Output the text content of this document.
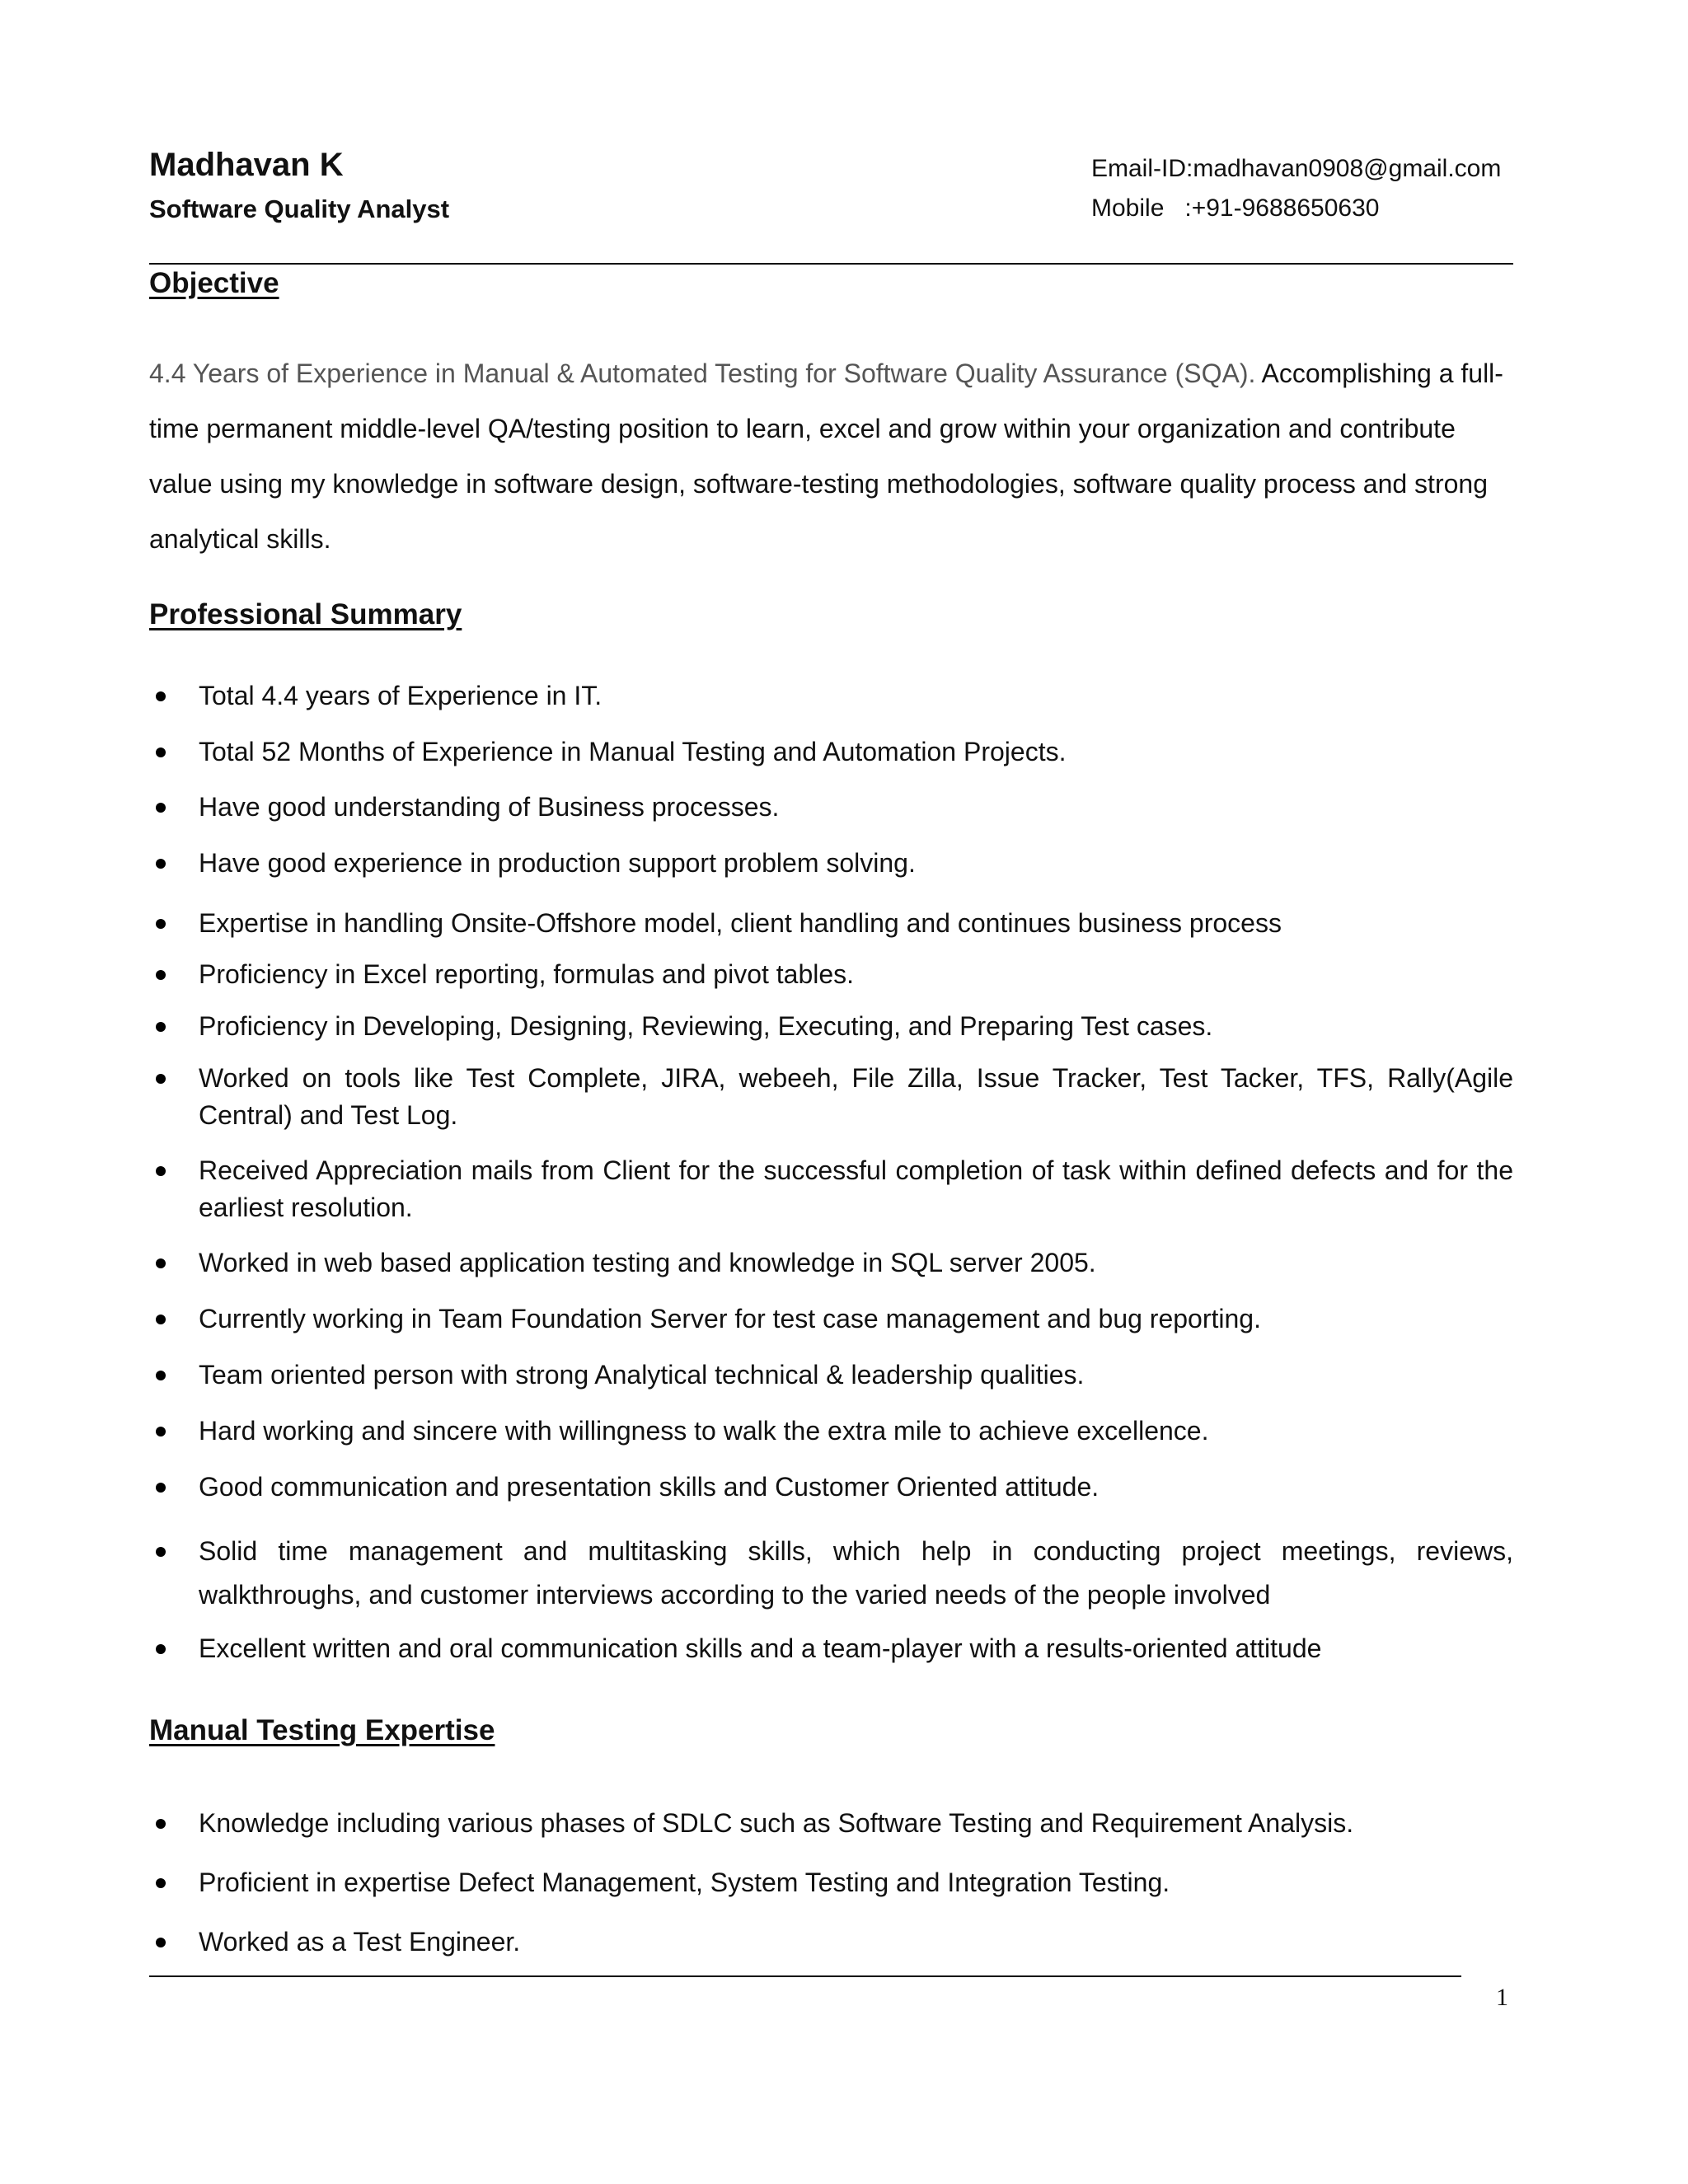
Madhavan K
Software Quality Analyst
Email-ID:madhavan0908@gmail.com
Mobile   :+91-9688650630
Objective
4.4 Years of Experience in Manual & Automated Testing for Software Quality Assurance (SQA). Accomplishing a full-time permanent middle-level QA/testing position to learn, excel and grow within your organization and contribute value using my knowledge in software design, software-testing methodologies, software quality process and strong analytical skills.
Professional Summary
Total 4.4 years of Experience in IT.
Total 52 Months of Experience in Manual Testing and Automation Projects.
Have good understanding of Business processes.
Have good experience in production support problem solving.
Expertise in handling Onsite-Offshore model, client handling and continues business process
Proficiency in Excel reporting, formulas and pivot tables.
Proficiency in Developing, Designing, Reviewing, Executing, and Preparing Test cases.
Worked on tools like Test Complete, JIRA, webeeh, File Zilla, Issue Tracker, Test Tacker, TFS, Rally(Agile Central) and Test Log.
Received Appreciation mails from Client for the successful completion of task within defined defects and for the earliest resolution.
Worked in web based application testing and knowledge in SQL server 2005.
Currently working in Team Foundation Server for test case management and bug reporting.
Team oriented person with strong Analytical technical & leadership qualities.
Hard working and sincere with willingness to walk the extra mile to achieve excellence.
Good communication and presentation skills and Customer Oriented attitude.
Solid time management and multitasking skills, which help in conducting project meetings, reviews, walkthroughs, and customer interviews according to the varied needs of the people involved
Excellent written and oral communication skills and a team-player with a results-oriented attitude
Manual Testing Expertise
Knowledge including various phases of SDLC such as Software Testing and Requirement Analysis.
Proficient in expertise Defect Management, System Testing and Integration Testing.
Worked as a Test Engineer.
1
